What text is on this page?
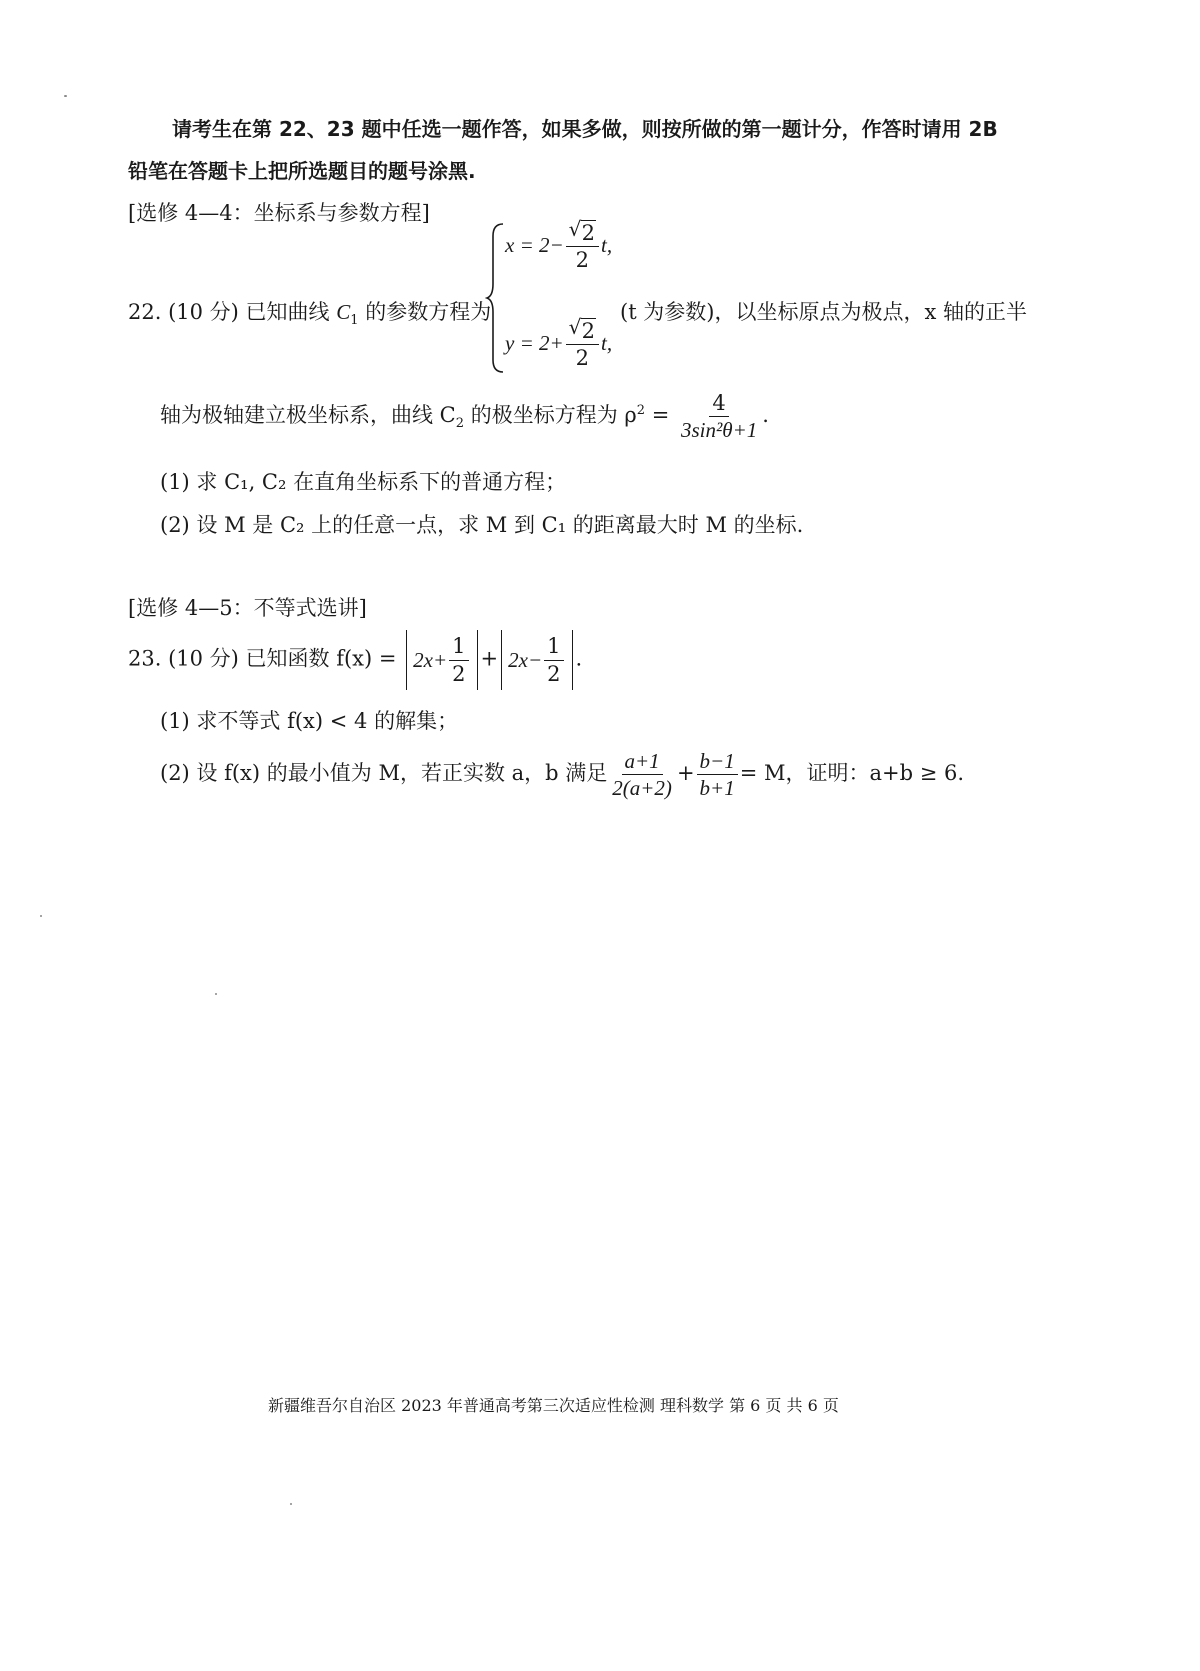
请考生在第 22、23 题中任选一题作答，如果多做，则按所做的第一题计分，作答时请用 2B
铅笔在答题卡上把所选题目的题号涂黑.
[选修 4—4：坐标系与参数方程]
22. (10 分) 已知曲线 $C_1$ 的参数方程为
x = 2− √ $\frac{2}{2} t$,
y = 2+ √ $\frac{2}{2} t$,
(t 为参数)，以坐标原点为极点，x 轴的正半
轴为极轴建立极坐标系，曲线 $C_2$ 的极坐标方程为 $\rho^2 = \frac{4}{\text{3sin²θ+1}}$ .
(1) 求 C₁, C₂ 在直角坐标系下的普通方程；
(2) 设 M 是 C₂ 上的任意一点，求 M 到 C₁ 的距离最大时 M 的坐标.
[选修 4—5：不等式选讲]
23. (10 分) 已知函数 $f(x) = 2x+ \frac{1}{2} + 2x- \frac{1}{2}$ .
(1) 求不等式 f(x) < 4 的解集；
(2) 设 f(x) 的最小值为 M，若正实数 a，b 满足 $\frac{a+1}{2(a+2)} + \frac{b-1}{b+1} = M$，证明：a+b ≥ 6.
新疆维吾尔自治区 2023 年普通高考第三次适应性检测 理科数学 第 6 页 共 6 页
